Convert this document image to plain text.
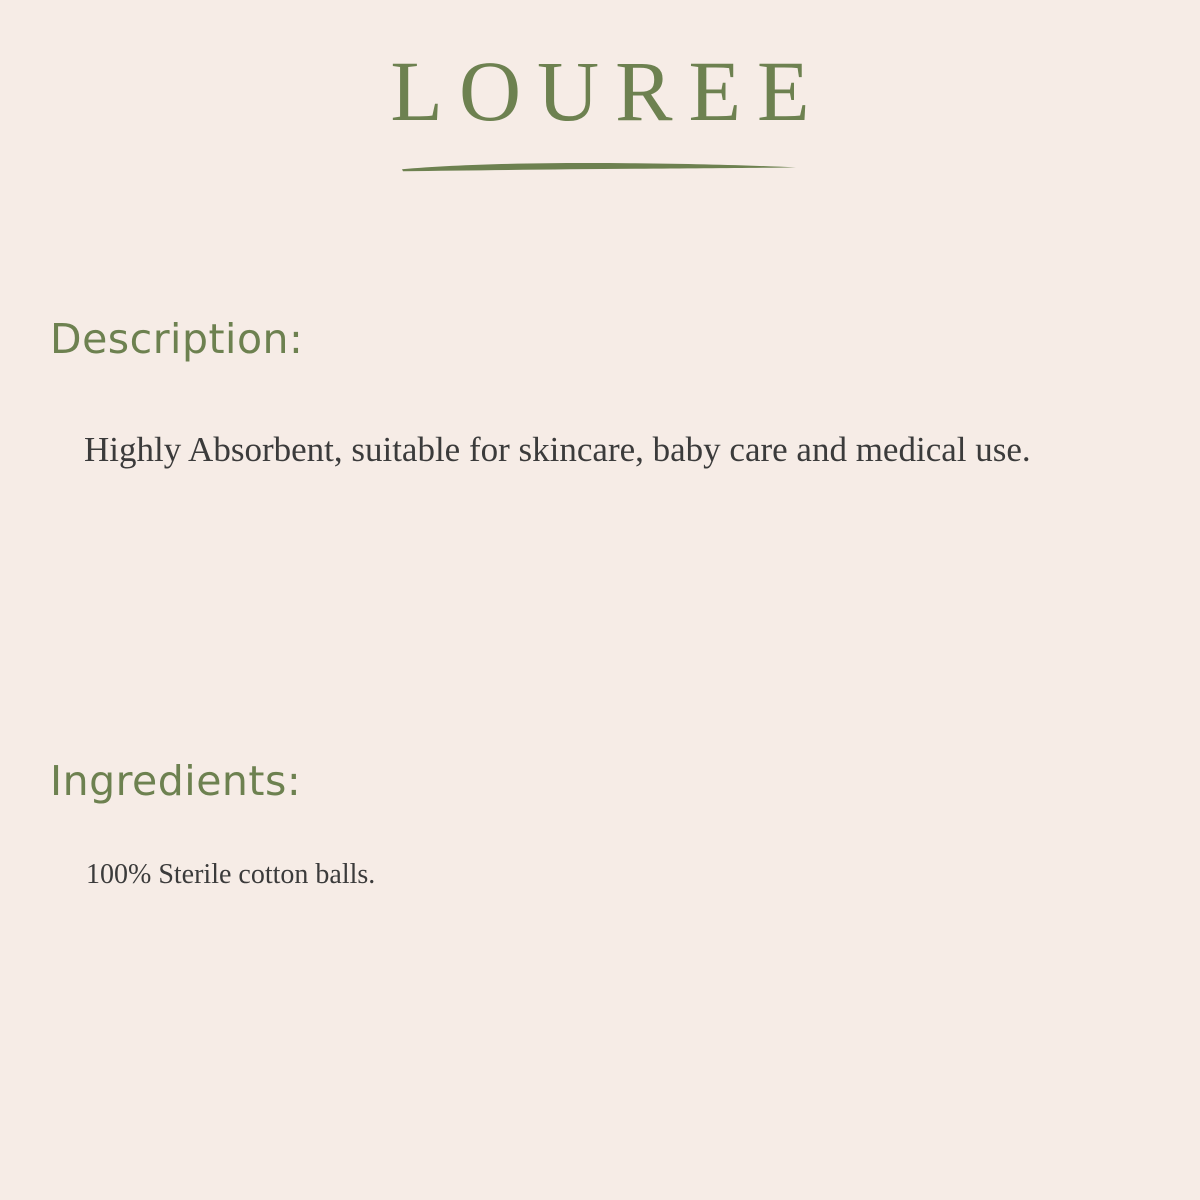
LOUREE
Description:
Highly Absorbent, suitable for skincare, baby care and medical use.
Ingredients:
100% Sterile cotton balls.
